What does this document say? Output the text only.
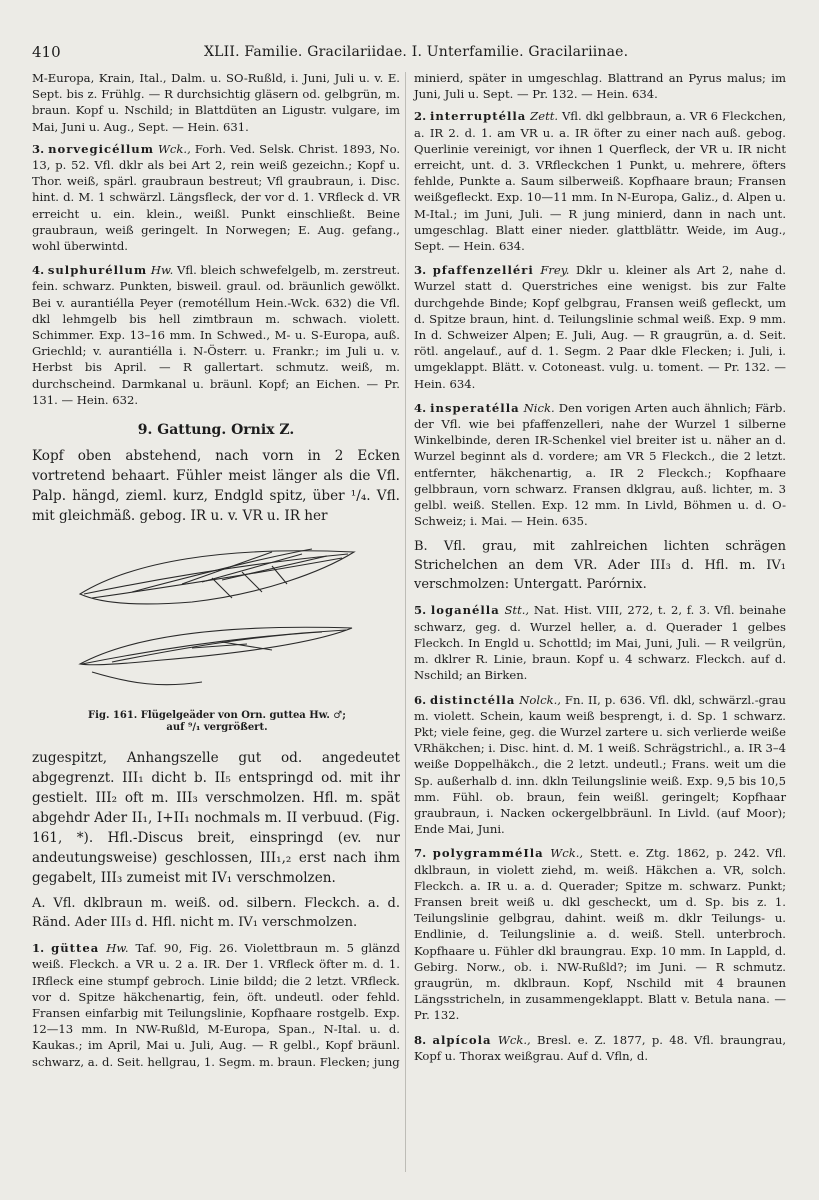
410	XLII. Familie. Gracilariidae. I. Unterfamilie. Gracilariinae.

M-Europa, Krain, Ital., Dalm. u. SO-Rußld, i. Juni, Juli u. v. E. Sept. bis z. Frühlg. — R durchsichtig gläsern od. gelbgrün, m. braun. Kopf u. Nschild; in Blattdüten an Ligustr. vulgare, im Mai, Juni u. Aug., Sept. — Hein. 631.

3. norvegicéllum Wck., Forh. Ved. Selsk. Christ. 1893, No. 13, p. 52. Vfl. dklr als bei Art 2, rein weiß gezeichn.; Kopf u. Thor. weiß, spärl. graubraun bestreut; Vfl graubraun, i. Disc. hint. d. M. 1 schwärzl. Längsfleck, der vor d. 1. VRfleck d. VR erreicht u. ein. klein., weißl. Punkt einschließt. Beine graubraun, weiß geringelt. In Norwegen; E. Aug. gefang., wohl überwintd.

4. sulphuréllum Hw. Vfl. bleich schwefelgelb, m. zerstreut. fein. schwarz. Punkten, bisweil. graul. od. bräunlich gewölkt. Bei v. aurantiélla Peyer (remotéllum Hein.-Wck. 632) die Vfl. dkl lehmgelb bis hell zimtbraun m. schwach. violett. Schimmer. Exp. 13–16 mm. In Schwed., M- u. S-Europa, auß. Griechld; v. aurantiélla i. N-Österr. u. Frankr.; im Juli u. v. Herbst bis April. — R gallertart. schmutz. weiß, m. durchscheind. Darmkanal u. bräunl. Kopf; an Eichen. — Pr. 131. — Hein. 632.

9. Gattung. Ornix Z.

Kopf oben abstehend, nach vorn in 2 Ecken vortretend behaart. Fühler meist länger als die Vfl. Palp. hängd, zieml. kurz, Endgld spitz, über ¹/₄. Vfl. mit gleichmäß. gebog. IR u. v. VR u. IR her

Fig. 161. Flügelgeäder von Orn. guttea Hw. ♂; auf ⁹/₁ vergrößert.

zugespitzt, Anhangszelle gut od. angedeutet abgegrenzt. III₁ dicht b. II₅ entspringd od. mit ihr gestielt. III₂ oft m. III₃ verschmolzen. Hfl. m. spät abgehdr Ader II₁, I+II₁ nochmals m. II verbuud. (Fig. 161, *). Hfl.-Discus breit, einspringd (ev. nur andeutungsweise) geschlossen, III₁,₂ erst nach ihm gegabelt, III₃ zumeist mit IV₁ verschmolzen.

A. Vfl. dklbraun m. weiß. od. silbern. Fleckch. a. d. Ränd. Ader III₃ d. Hfl. nicht m. IV₁ verschmolzen.

1. güttea Hw. Taf. 90, Fig. 26. Violettbraun m. 5 glänzd weiß. Fleckch. a VR u. 2 a. IR. Der 1. VRfleck öfter m. d. 1. IRfleck eine stumpf gebroch. Linie bildd; die 2 letzt. VRfleck. vor d. Spitze häkchenartig, fein, öft. undeutl. oder fehld. Fransen einfarbig mit Teilungslinie, Kopfhaare rostgelb. Exp. 12—13 mm. In NW-Rußld, M-Europa, Span., N-Ital. u. d. Kaukas.; im April, Mai u. Juli, Aug. — R gelbl., Kopf bräunl. schwarz, a. d. Seit. hellgrau, 1. Segm. m. braun. Flecken; jung

minierd, später in umgeschlag. Blattrand an Pyrus malus; im Juni, Juli u. Sept. — Pr. 132. — Hein. 634.

2. interruptélla Zett. Vfl. dkl gelbbraun, a. VR 6 Fleckchen, a. IR 2. d. 1. am VR u. a. IR öfter zu einer nach auß. gebog. Querlinie vereinigt, vor ihnen 1 Querfleck, der VR u. IR nicht erreicht, unt. d. 3. VRfleckchen 1 Punkt, u. mehrere, öfters fehlde, Punkte a. Saum silberweiß. Kopfhaare braun; Fransen weißgefleckt. Exp. 10—11 mm. In N-Europa, Galiz., d. Alpen u. M-Ital.; im Juni, Juli. — R jung minierd, dann in nach unt. umgeschlag. Blatt einer nieder. glattblättr. Weide, im Aug., Sept. — Hein. 634.

3. pfaffenzelléri Frey. Dklr u. kleiner als Art 2, nahe d. Wurzel statt d. Querstriches eine wenigst. bis zur Falte durchgehde Binde; Kopf gelbgrau, Fransen weiß gefleckt, um d. Spitze braun, hint. d. Teilungslinie schmal weiß. Exp. 9 mm. In d. Schweizer Alpen; E. Juli, Aug. — R graugrün, a. d. Seit. rötl. angelauf., auf d. 1. Segm. 2 Paar dkle Flecken; i. Juli, i. umgeklappt. Blätt. v. Cotoneast. vulg. u. toment. — Pr. 132. — Hein. 634.

4. insperatélla Nick. Den vorigen Arten auch ähnlich; Färb. der Vfl. wie bei pfaffenzelleri, nahe der Wurzel 1 silberne Winkelbinde, deren IR-Schenkel viel breiter ist u. näher an d. Wurzel beginnt als d. vordere; am VR 5 Fleckch., die 2 letzt. entfernter, häkchenartig, a. IR 2 Fleckch.; Kopfhaare gelbbraun, vorn schwarz. Fransen dklgrau, auß. lichter, m. 3 gelbl. weiß. Stellen. Exp. 12 mm. In Livld, Böhmen u. d. O-Schweiz; i. Mai. — Hein. 635.

B. Vfl. grau, mit zahlreichen lichten schrägen Strichelchen an dem VR. Ader III₃ d. Hfl. m. IV₁ verschmolzen: Untergatt. Parórnix.

5. loganélla Stt., Nat. Hist. VIII, 272, t. 2, f. 3. Vfl. beinahe schwarz, geg. d. Wurzel heller, a. d. Querader 1 gelbes Fleckch. In Engld u. Schottld; im Mai, Juni, Juli. — R veilgrün, m. dklrer R. Linie, braun. Kopf u. 4 schwarz. Fleckch. auf d. Nschild; an Birken.

6. distinctélla Nolck., Fn. II, p. 636. Vfl. dkl, schwärzl.-grau m. violett. Schein, kaum weiß besprengt, i. d. Sp. 1 schwarz. Pkt; viele feine, geg. die Wurzel zartere u. sich verlierde weiße VRhäkchen; i. Disc. hint. d. M. 1 weiß. Schrägstrichl., a. IR 3–4 weiße Doppelhäkch., die 2 letzt. undeutl.; Frans. weit um die Sp. außerhalb d. inn. dkln Teilungslinie weiß. Exp. 9,5 bis 10,5 mm. Fühl. ob. braun, fein weißl. geringelt; Kopfhaar graubraun, i. Nacken ockergelbbräunl. In Livld. (auf Moor); Ende Mai, Juni.

7. polygramméIla Wck., Stett. e. Ztg. 1862, p. 242. Vfl. dklbraun, in violett ziehd, m. weiß. Häkchen a. VR, solch. Fleckch. a. IR u. a. d. Querader; Spitze m. schwarz. Punkt; Fransen breit weiß u. dkl gescheckt, um d. Sp. bis z. 1. Teilungslinie gelbgrau, dahint. weiß m. dklr Teilungs- u. Endlinie, d. Teilungslinie a. d. weiß. Stell. unterbroch. Kopfhaare u. Fühler dkl braungrau. Exp. 10 mm. In Lappld, d. Gebirg. Norw., ob. i. NW-Rußld?; im Juni. — R schmutz. graugrün, m. dklbraun. Kopf, Nschild mit 4 braunen Längsstricheln, in zusammengeklappt. Blatt v. Betula nana. — Pr. 132.

8. alpícola Wck., Bresl. e. Z. 1877, p. 48. Vfl. braungrau, Kopf u. Thorax weißgrau. Auf d. Vfln, d.
